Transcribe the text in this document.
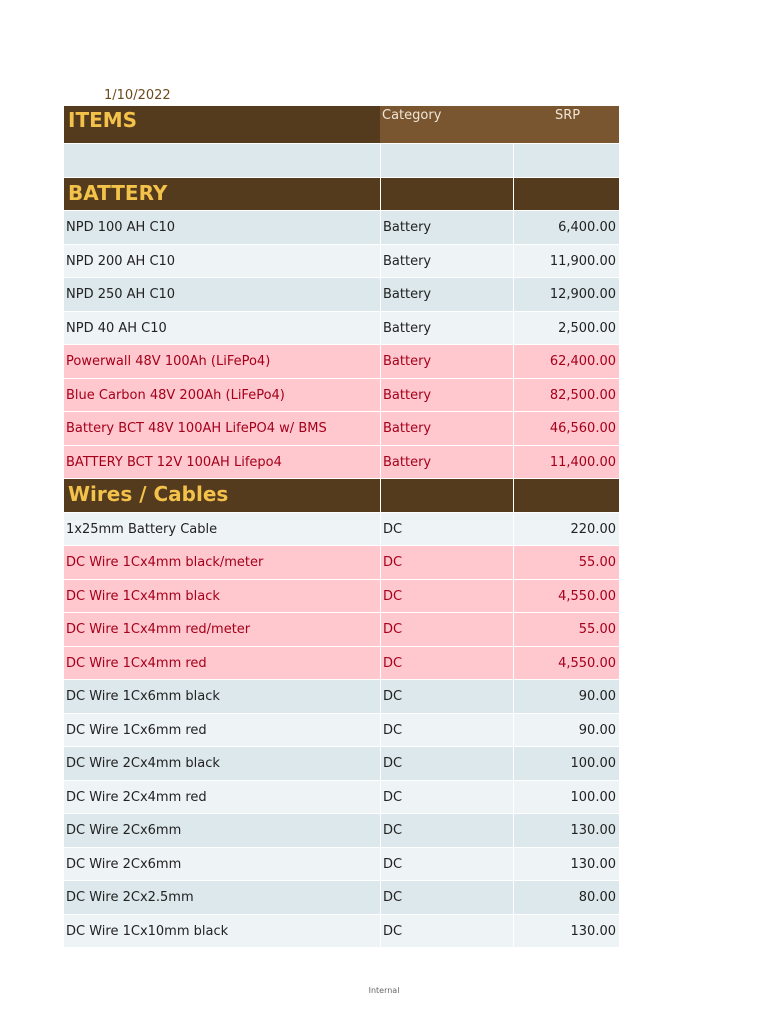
1/10/2022
ITEMS	Category	SRP
BATTERY
NPD 100 AH C10	Battery	6,400.00
NPD 200 AH C10	Battery	11,900.00
NPD 250 AH C10	Battery	12,900.00
NPD 40 AH C10	Battery	2,500.00
Powerwall 48V 100Ah (LiFePo4)	Battery	62,400.00
Blue Carbon 48V 200Ah (LiFePo4)	Battery	82,500.00
Battery BCT 48V 100AH LifePO4 w/ BMS	Battery	46,560.00
BATTERY BCT 12V 100AH Lifepo4	Battery	11,400.00
Wires / Cables
1x25mm Battery Cable	DC	220.00
DC Wire 1Cx4mm black/meter	DC	55.00
DC Wire 1Cx4mm black	DC	4,550.00
DC Wire 1Cx4mm red/meter	DC	55.00
DC Wire 1Cx4mm red	DC	4,550.00
DC Wire 1Cx6mm black	DC	90.00
DC Wire 1Cx6mm red	DC	90.00
DC Wire 2Cx4mm black	DC	100.00
DC Wire 2Cx4mm red	DC	100.00
DC Wire 2Cx6mm	DC	130.00
DC Wire 2Cx6mm	DC	130.00
DC Wire 2Cx2.5mm	DC	80.00
DC Wire 1Cx10mm black	DC	130.00
Internal
